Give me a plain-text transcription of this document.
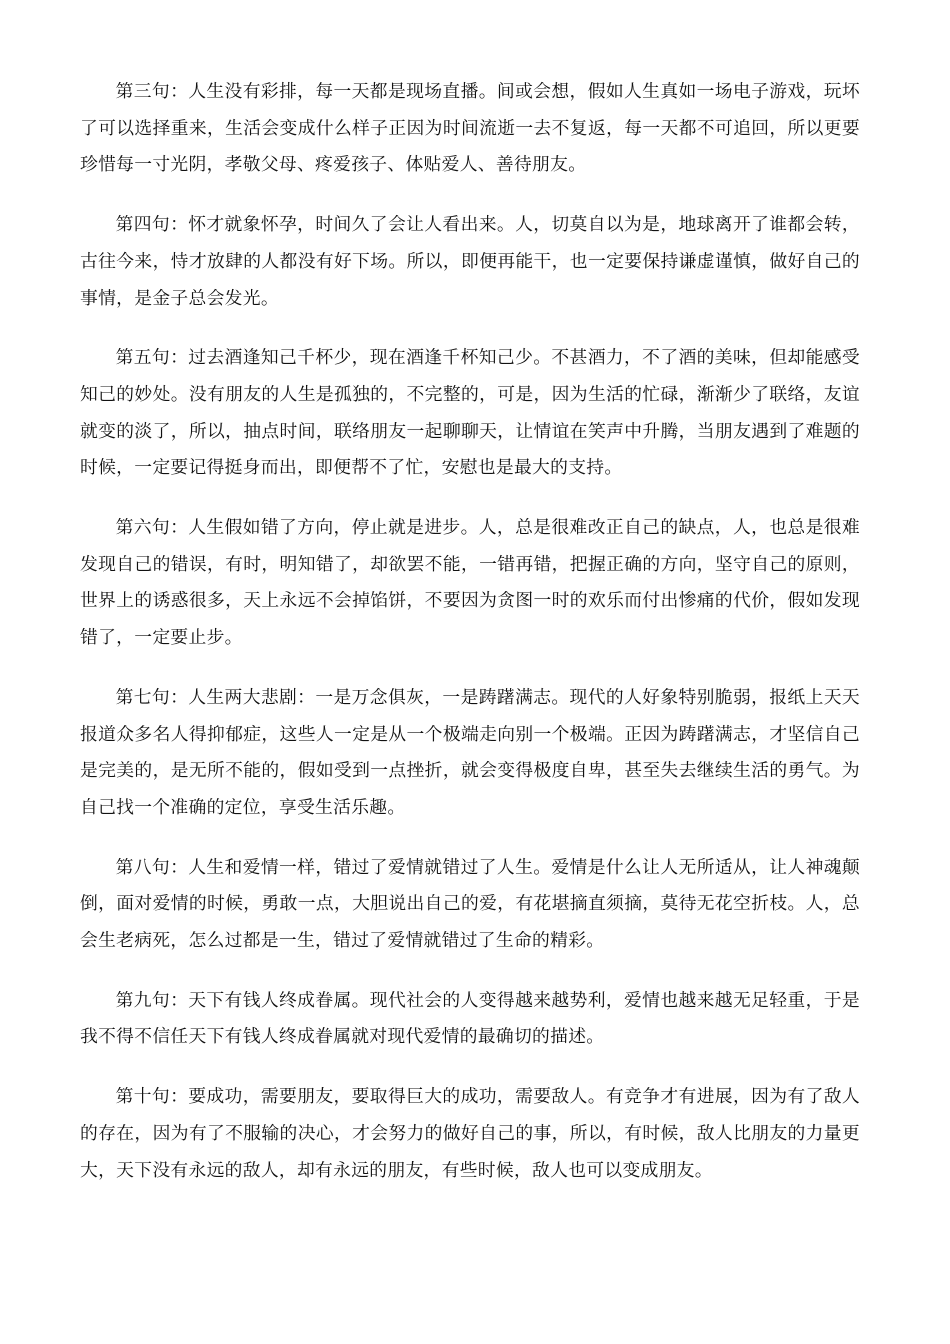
第三句：人生没有彩排，每一天都是现场直播。间或会想，假如人生真如一场电子游戏，玩坏了可以选择重来，生活会变成什么样子正因为时间流逝一去不复返，每一天都不可追回，所以更要珍惜每一寸光阴，孝敬父母、疼爱孩子、体贴爱人、善待朋友。

第四句：怀才就象怀孕，时间久了会让人看出来。人，切莫自以为是，地球离开了谁都会转，古往今来，恃才放肆的人都没有好下场。所以，即便再能干，也一定要保持谦虚谨慎，做好自己的事情，是金子总会发光。

第五句：过去酒逢知己千杯少，现在酒逢千杯知己少。不甚酒力，不了酒的美味，但却能感受知己的妙处。没有朋友的人生是孤独的，不完整的，可是，因为生活的忙碌，渐渐少了联络，友谊就变的淡了，所以，抽点时间，联络朋友一起聊聊天，让情谊在笑声中升腾，当朋友遇到了难题的时候，一定要记得挺身而出，即便帮不了忙，安慰也是最大的支持。

第六句：人生假如错了方向，停止就是进步。人，总是很难改正自己的缺点，人，也总是很难发现自己的错误，有时，明知错了，却欲罢不能，一错再错，把握正确的方向，坚守自己的原则，世界上的诱惑很多，天上永远不会掉馅饼，不要因为贪图一时的欢乐而付出惨痛的代价，假如发现错了，一定要止步。

第七句：人生两大悲剧：一是万念俱灰，一是踌躇满志。现代的人好象特别脆弱，报纸上天天报道众多名人得抑郁症，这些人一定是从一个极端走向别一个极端。正因为踌躇满志，才坚信自己是完美的，是无所不能的，假如受到一点挫折，就会变得极度自卑，甚至失去继续生活的勇气。为自己找一个准确的定位，享受生活乐趣。

第八句：人生和爱情一样，错过了爱情就错过了人生。爱情是什么让人无所适从，让人神魂颠倒，面对爱情的时候，勇敢一点，大胆说出自己的爱，有花堪摘直须摘，莫待无花空折枝。人，总会生老病死，怎么过都是一生，错过了爱情就错过了生命的精彩。

第九句：天下有钱人终成眷属。现代社会的人变得越来越势利，爱情也越来越无足轻重，于是我不得不信任天下有钱人终成眷属就对现代爱情的最确切的描述。

第十句：要成功，需要朋友，要取得巨大的成功，需要敌人。有竞争才有进展，因为有了敌人的存在，因为有了不服输的决心，才会努力的做好自己的事，所以，有时候，敌人比朋友的力量更大，天下没有永远的敌人，却有永远的朋友，有些时候，敌人也可以变成朋友。
